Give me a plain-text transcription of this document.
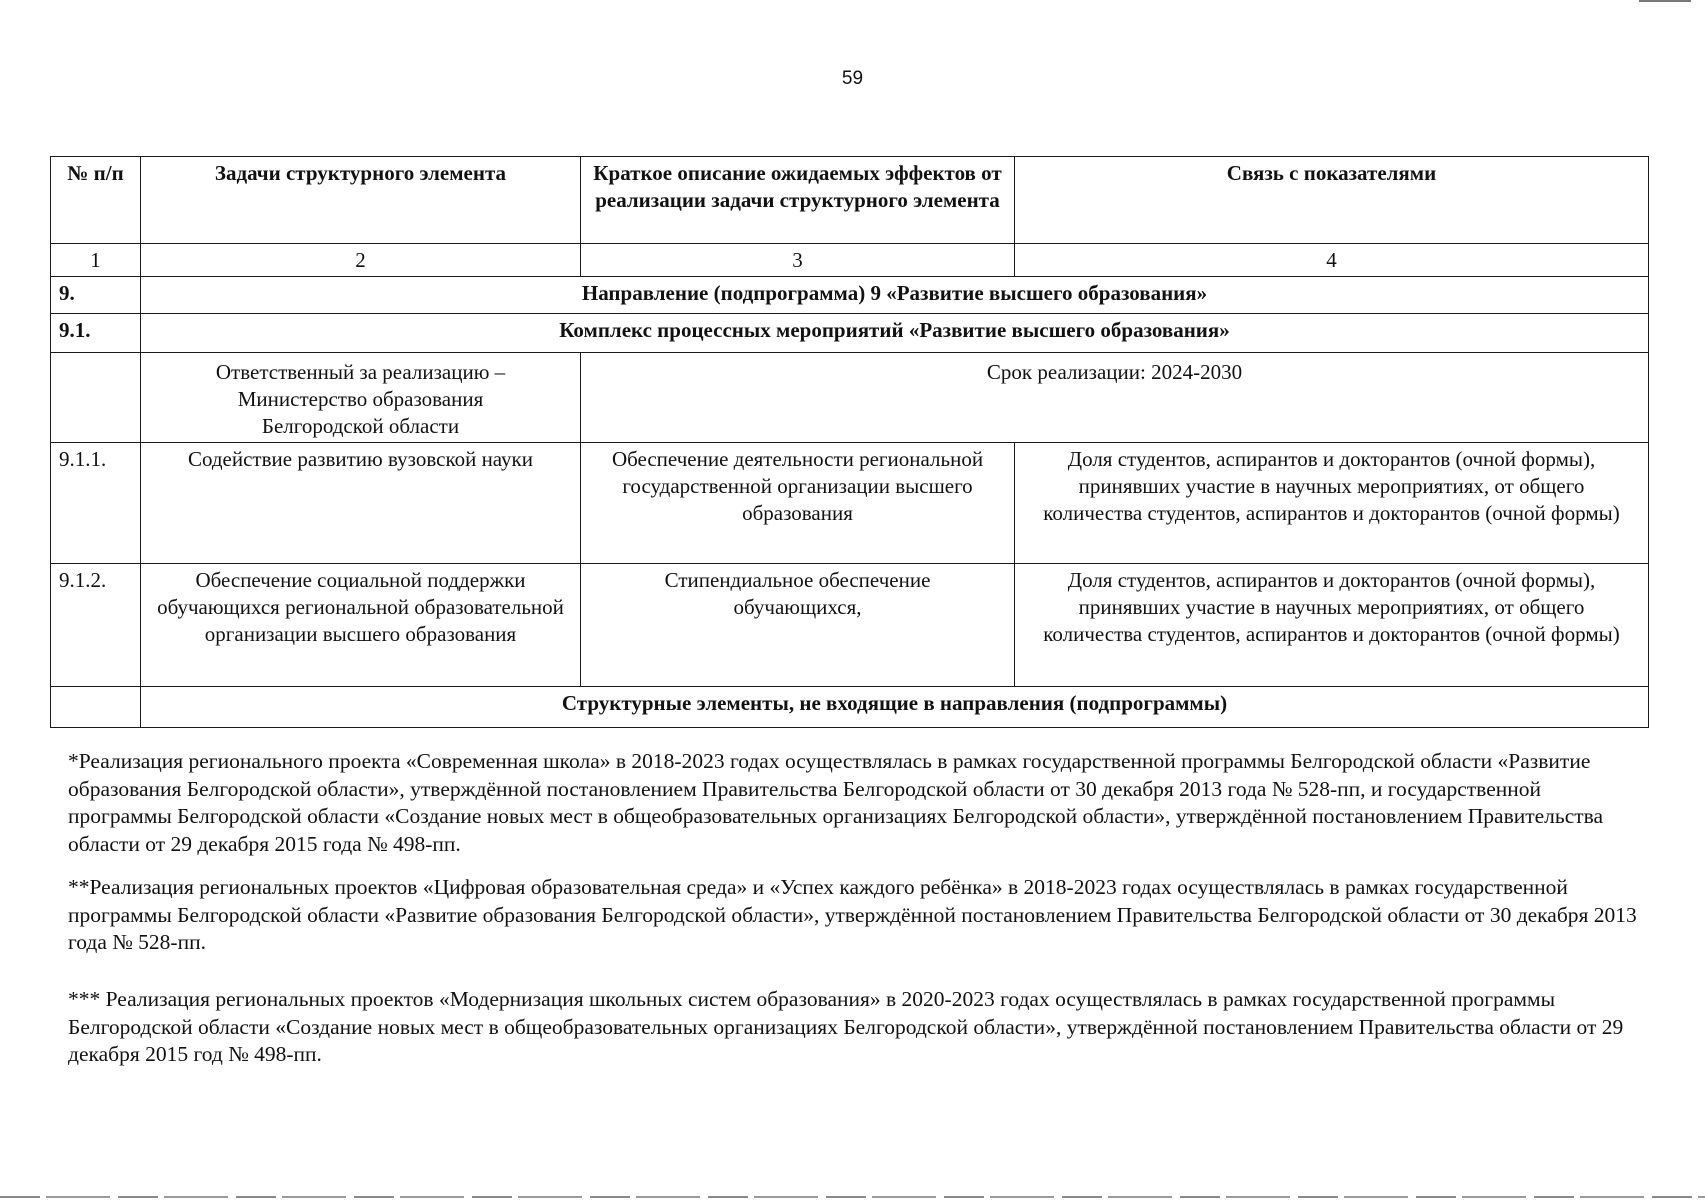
59
№ п/п	Задачи структурного элемента	Краткое описание ожидаемых эффектов от реализации задачи структурного элемента	Связь с показателями
1	2	3	4
9.	Направление (подпрограмма) 9 «Развитие высшего образования»		
9.1.	Комплекс процессных мероприятий «Развитие высшего образования»		
	Ответственный за реализацию – Министерство образования Белгородской области	Срок реализации: 2024-2030	
9.1.1.	Содействие развитию вузовской науки	Обеспечение деятельности региональной государственной организации высшего образования	Доля студентов, аспирантов и докторантов (очной формы), принявших участие в научных мероприятиях, от общего количества студентов, аспирантов и докторантов (очной формы)
9.1.2.	Обеспечение социальной поддержки обучающихся региональной образовательной организации высшего образования	Стипендиальное обеспечение обучающихся,	Доля студентов, аспирантов и докторантов (очной формы), принявших участие в научных мероприятиях, от общего количества студентов, аспирантов и докторантов (очной формы)
	Структурные элементы, не входящие в направления (подпрограммы)		

*Реализация регионального проекта «Современная школа» в 2018-2023 годах осуществлялась в рамках государственной программы Белгородской области «Развитие образования Белгородской области», утверждённой постановлением Правительства Белгородской области от 30 декабря 2013 года № 528-пп, и государственной программы Белгородской области «Создание новых мест в общеобразовательных организациях Белгородской области», утверждённой постановлением Правительства области от 29 декабря 2015 года № 498-пп.

**Реализация региональных проектов «Цифровая образовательная среда» и «Успех каждого ребёнка» в 2018-2023 годах осуществлялась в рамках государственной программы Белгородской области «Развитие образования Белгородской области», утверждённой постановлением Правительства Белгородской области от 30 декабря 2013 года № 528-пп.

*** Реализация региональных проектов «Модернизация школьных систем образования» в 2020-2023 годах осуществлялась в рамках государственной программы Белгородской области «Создание новых мест в общеобразовательных организациях Белгородской области», утверждённой постановлением Правительства области от 29 декабря 2015 год № 498-пп.
